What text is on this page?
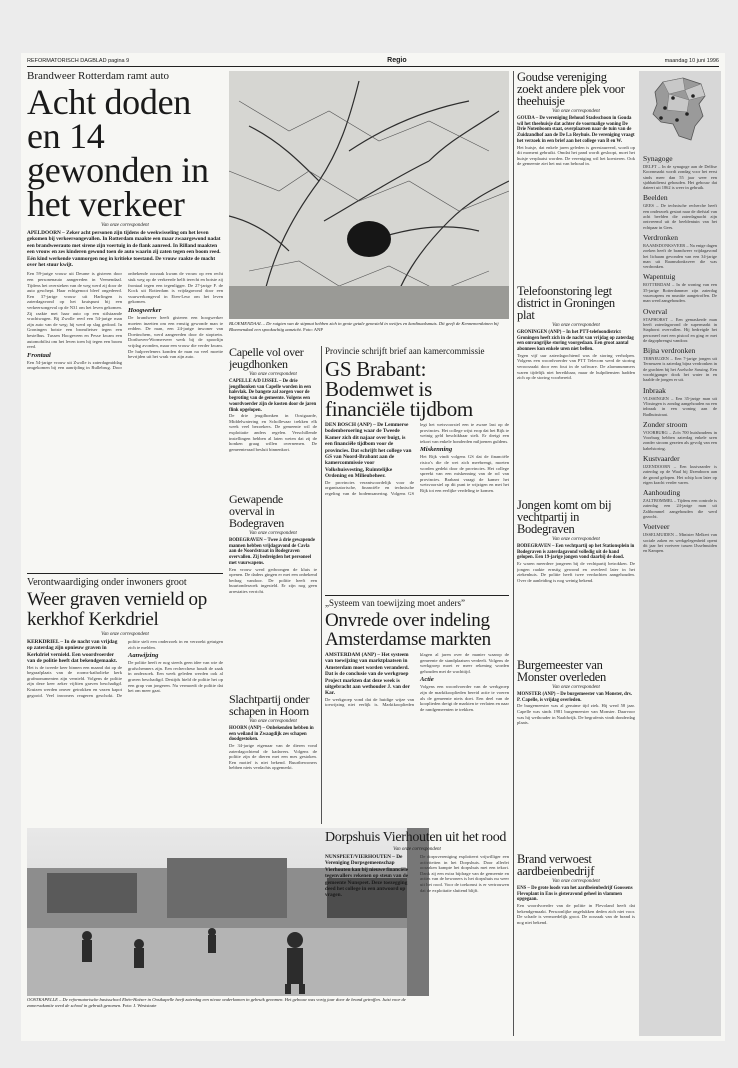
REFORMATORISCH DAGBLAD pagina 9	Regio	maandag 10 juni 1996
Brandweer Rotterdam ramt auto
Acht doden en 14 gewonden in het verkeer
Van onze correspondent
APELDOORN – Zeker acht personen zijn tijdens de weekwisseling om het leven gekomen bij verkeersongevallen. In Rotterdam maakte een maar zwaargewond nadat een brandweerauto met sirene zijn voertuig in de flank aanreed. In Rilland maakten een vrouw en zes kinderen gewond toen de auto waarin zij zaten tegen een boom reed. Eén kind werkende vanmorgen nog in kritieke toestand. De vrouw raakte de macht over het stuur kwijt.

Een 59-jarige vrouw uit Deurne is gisteren door een personenauto aangereden in Veenendaal. Tijdens het oversteken van de weg werd zij door de auto geschept. Haar echtgenoot bleef ongedeerd. Een 37-jarige vrouw uit Harlingen is zaterdagavond op het kruispunt bij een verkeersongeval op de N31 om het leven gekomen. Zij raakte met haar auto op een stilstaande vrachtwagen. Bij Zwolle reed een 54-jarige man zijn auto van de weg; hij werd op slag gedood. In Groningen botste een bromfietser tegen een bestelbus. Tussen Hoogeveen en Pesse kwam een automobilist om het leven toen hij tegen een boom reed.

Frontaal

Een 54-jarige vrouw uit Zwolle is zaterdagmiddag omgekomen bij een aanrijding in Rullebrug. Door onbekende oorzaak kwam de vrouw op een recht stuk weg op de verkeerde helft terecht en botste zij frontaal tegen een tegenligger. De 27-jarige F. de Kock uit Rotterdam is vrijdagavond door een vuurwerkongeval in Eten-Leur om het leven gekomen.

Hoogwerker

De brandweer heeft gisteren een hoogwerker moeten inzetten om een ernstig gewonde man te redden. De man, een 24-jarige inwoner van Doetinchem, werd aangereden door de stoptrein. Dorthoven-Wormerveer werk bij de spoorlijn vrijdag avonden, maar een vrouw die verder kwam. De hulpverleners konden de man na veel moeite bevrijden uit het wrak van zijn auto.

Verontwaardiging onder inwoners groot
Weer graven vernield op kerkhof Kerkdriel
Van onze correspondent

KERKDRIEL – In de nacht van vrijdag op zaterdag zijn opnieuw graven in Kerkdriel vernield. Een woordvoerder van de politie heeft dat bekendgemaakt.

Het is de tweede keer binnen een maand dat op de begraafplaats van de rooms-katholieke kerk grafmonumenten zijn vernield. Volgens de politie zijn deze keer zeker vijftien graven beschadigd. Kruizen werden omver getrokken en vazen kapot gegooid. Veel inwoners reageren geschokt. De politie stelt een onderzoek in en verzoekt getuigen zich te melden.

Aanwijzing

De politie heeft er nog steeds geen idee van wie de grafschenners zijn. Een rechercheur houdt de zaak in onderzoek. Een week geleden werden ook al graven beschadigd. Destijds hield de politie het op een grap van jongeren. Nu vermoedt de politie dat het om meer gaat.

OOSTKAPELLE – De reformatorische basisschool Ebén-Haëzer in Oostkapelle heeft zaterdag een nieuw onderkomen in gebruik genomen. Het gebouw was vorig jaar door de brand getroffen. Juist voor de zomervakantie werd de school in gebruik genomen. Foto: J. Weststrate
BLOEMENDAAL – De ruigten van de stipmat hebben zich in grote getale genesteld in weitjes en kardinaalsmuts. Dit geeft de Kennemerduinen bij Bloemendaal een spookachtig aanzicht. Foto: ANP
Capelle vol over jeugdhonken
Van onze correspondent

CAPELLE A/D IJSSEL – De drie jeugdhonken van Capelle worden in een halsvlak. De bangste zal zorgen voor de begroting van de gemeente. Volgens een woordvoerder zijn de kosten door de jaren flink opgelopen.

De drie jeugdhonken in Oostgaarde, Middelwatering en Schollevaar trekken elk week veel bezoekers. De gemeente wil de exploitatie anders regelen. Verschillende instellingen hebben al laten weten dat zij de honken graag willen overnemen. De gemeenteraad besluit binnenkort.

Gewapende overval in Bodegraven
Van onze correspondent

BODEGRAVEN – Twee à drie gewapende mannen hebben vrijdagavond de Cavla aan de Noordstraat in Bodegraven overvallen. Zij bedreigden het personeel met vuurwapens.

Een vrouw werd gedwongen de kluis te openen. De daders gingen er met een onbekend bedrag vandoor. De politie heeft een buurtonderzoek ingesteld. Er zijn nog geen arrestaties verricht.

Slachtpartij onder schapen in Hoorn
Van onze correspondent

HOORN (ANP) – Onbekenden hebben in een weiland in Zwaagdijk zes schapen doodgestoken.

De 34-jarige eigenaar van de dieren vond zaterdagochtend de kadavers. Volgens de politie zijn de dieren met een mes gestoken. Een motief is niet bekend. Buurtbewoners hebben niets verdachts opgemerkt.

Provincie schrijft brief aan kamercommissie
GS Brabant: Bodemwet is financiële tijdbom

DEN BOSCH (ANP) – De Lemmerse bodemberoering waar de Tweede Kamer zich dit najaar over buigt, is een financiële tijdbom voor de provincies. Dat schrijft het college van GS van Noord-Brabant aan de kamercommissie voor Volkshuisvesting, Ruimtelijke Ordening en Milieubeheer.

De provincies verantwoordelijk voor de organisatorische, financiële en technische regeling van de bodemsanering. Volgens GS legt het wetsvoorstel een te zware last op de provincies. Het college wijst erop dat het Rijk te weinig geld beschikbaar stelt. Er dreigt een tekort van enkele honderden miljoenen guldens.

Miskenning

Het Rijk vindt volgens GS dat de financiële risico's die de wet zich meebrengt, moeten worden gedekt door de provincies. Het college spreekt van een miskenning van de rol van provincies. Brabant vraagt de kamer het wetsvoorstel op dit punt te wijzigen en met het Rijk tot een eerlijke verdeling te komen.

„Systeem van toewijzing moet anders”
Onvrede over indeling Amsterdamse markten

AMSTERDAM (ANP) – Het systeem van toewijzing van marktplaatsen in Amsterdam moet worden veranderd. Dat is de conclusie van de werkgroep Project markten dat deze week is uitgebracht aan wethouder J. van der Kar.

De werkgroep vond dat de huidige wijze van toewijzing niet eerlijk is. Marktkooplieden klagen al jaren over de manier waarop de gemeente de standplaatsen verdeelt. Volgens de werkgroep moet er meer rekening worden gehouden met de wachttijd.

Actie

Volgens een woordvoerder van de werkgroep zijn de marktkooplieden bereid actie te voeren als de gemeente niets doet. Een deel van de kooplieden dreigt de markten te verlaten en naar de randgemeenten te trekken.

Dorpshuis Vierhouten uit het rood
Van onze correspondent

NUNSPEET/VIERHOUTEN – De Vereniging Dorpsgemeenschap Vierhouten kan bij nieuwe financiële tegenvallers rekenen op steun van de gemeente Nunspeet. Deze toezegging deed het college in een antwoord op vragen.

De dorpsvereniging exploiteert vrijwilliger een activiteiten in het Dorpshuis. Door allerlei oorzaken kampte het dorpshuis met een tekort. Dank zij een extra bijdrage van de gemeente en acties van de bewoners is het dorpshuis nu weer uit het rood. Voor de toekomst is er vertrouwen dat de exploitatie sluitend blijft.

Goudse vereniging zoekt andere plek voor theehuisje
Van onze correspondent

GOUDA – De vereniging Behoud Stadsschoon in Gouda wil het theehuisje dat achter de voormalige woning De Drie Notenboom staat, overplaatsen naar de tuin van de Zuidzandhof aan de De La Reyhuis. De vereniging vraagt het verzoek in een brief aan het college van B en W.

Het huisje, dat enkele jaren geleden is gerestaureerd, wordt op dit moment gebruikt. Omdat het pand wordt gesloopt, moet het huisje verplaatst worden. De vereniging wil het koesteren. Ook de gemeente ziet het nut van behoud in.

Telefoonstoring legt district in Groningen plat
Van onze correspondent

GRONINGEN (ANP) – In het PTT-telefoondistrict Groningen heeft zich in de nacht van vrijdag op zaterdag een omvangrijke storing voorgedaan. Een groot aantal abonnees kon enkele uren niet bellen.

Tegen vijf uur zaterdagochtend was de storing verholpen. Volgens een woordvoerder van PTT Telecom werd de storing veroorzaakt door een fout in de software. De alarmnummers waren tijdelijk niet bereikbaar, maar de hulpdiensten hadden zich op de storing voorbereid.

Jongen komt om bij vechtpartij in Bodegraven
Van onze correspondent

BODEGRAVEN – Een vechtpartij op het Stationsplein in Bodegraven is zaterdagavond volledig uit de hand gelopen. Een 19-jarige jongen vond daarbij de dood.

Er waren meerdere jongeren bij de vechtpartij betrokken. De jongen raakte ernstig gewond en overleed later in het ziekenhuis. De politie heeft twee verdachten aangehouden. Over de aanleiding is nog weinig bekend.

Burgemeester van Monster overleden
Van onze correspondent

MONSTER (ANP) – De burgemeester van Monster, drs. P. Capelle, is vrijdag overleden.

De burgemeester was al geruime tijd ziek. Hij werd 58 jaar. Capelle was sinds 1981 burgemeester van Monster. Daarvoor was hij wethouder in Naaldwijk. De begrafenis vindt donderdag plaats.

Brand verwoest aardbeienbedrijf
Van onze correspondent

ENS – De grote loods van het aardbeienbedrijf Goossens Flevoplant in Ens is gisteravond geheel in vlammen opgegaan.

Een woordvoerder van de politie in Flevoland heeft dat bekendgemaakt. Persoonlijke ongelukken deden zich niet voor. De schade is vermoedelijk groot. De oorzaak van de brand is nog niet bekend.

Synagoge

DELFT – In de synagoge aan de Delftse Koornmarkt wordt zondag voor het eerst sinds meer dan 55 jaar weer een sjabbatdienst gehouden. Het gebouw dat dateert uit 1862 is weer in gebruik.

Beelden

GEES – De technische recherche heeft een onderzoek gestart naar de diefstal van acht beelden die zaterdagnacht zijn ontvreemd uit de beeldentuin van het echtpaar in Gees.

Verdronken

RAAMSDONKSVEER – Na enige dagen zoeken heeft de brandweer vrijdagavond het lichaam gevonden van een 34-jarige man uit Raamsdonksveer die was verdronken.

Wapentuig

ROTTERDAM – In de woning van een 35-jarige Rotterdammer zijn zaterdag vuurwapens en munitie aangetroffen. De man werd aangehouden.

Overval

STAPHORST – Een gemaskerde man heeft zaterdagavond de supermarkt in Staphorst overvallen. Hij bedreigde het personeel met een pistool en ging er met de dagopbrengst vandoor.

Bijna verdronken

TERNEUZEN – Een 7-jarige jongen uit Terneuzen is zaterdag bijna verdronken in de grachten bij het Axelsche Sassing. Een voorbijganger dook het water in en haalde de jongen er uit.

Inbraak

VLISSINGEN – Een 35-jarige man uit Vlissingen is zondag aangehouden na een inbraak in een woning aan de Badhuisstraat.

Zonder stroom

VOORBURG – Zo'n 700 huishoudens in Voorburg hebben zaterdag enkele uren zonder stroom gezeten als gevolg van een kabelstoring.

Kustvaarder

IJZENDOORN – Een kustvaarder is zaterdag op de Waal bij IJzendoorn aan de grond gelopen. Het schip kon later op eigen kracht verder varen.

Aanhouding

ZALTBOMMEL – Tijdens een controle is zaterdag een 24-jarige man uit Zaltbommel aangehouden die werd gezocht.

Voetveer

IJSSELMUIDEN – Minister Melkert van sociale zaken en werkgelegenheid opent dit jaar het voetveer tussen IJsselmuiden en Kampen.
